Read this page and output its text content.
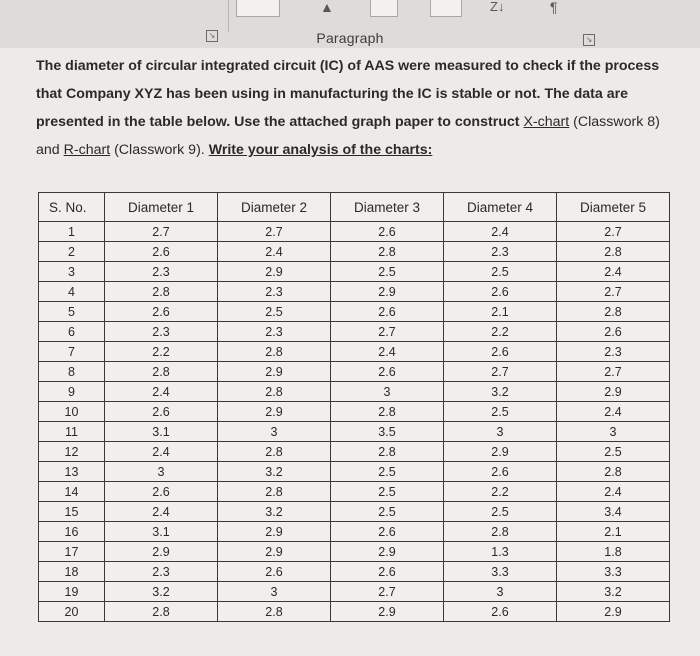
▲	Z↓	¶
↘	Paragraph	↘
The diameter of circular integrated circuit (IC) of AAS were measured to check if the process that Company XYZ has been using in manufacturing the IC is stable or not. The data are presented in the table below. Use the attached graph paper to construct X-chart (Classwork 8) and R-chart (Classwork 9). Write your analysis of the charts:
S. No.	Diameter 1	Diameter 2	Diameter 3	Diameter 4	Diameter 5
1	2.7	2.7	2.6	2.4	2.7
2	2.6	2.4	2.8	2.3	2.8
3	2.3	2.9	2.5	2.5	2.4
4	2.8	2.3	2.9	2.6	2.7
5	2.6	2.5	2.6	2.1	2.8
6	2.3	2.3	2.7	2.2	2.6
7	2.2	2.8	2.4	2.6	2.3
8	2.8	2.9	2.6	2.7	2.7
9	2.4	2.8	3	3.2	2.9
10	2.6	2.9	2.8	2.5	2.4
11	3.1	3	3.5	3	3
12	2.4	2.8	2.8	2.9	2.5
13	3	3.2	2.5	2.6	2.8
14	2.6	2.8	2.5	2.2	2.4
15	2.4	3.2	2.5	2.5	3.4
16	3.1	2.9	2.6	2.8	2.1
17	2.9	2.9	2.9	1.3	1.8
18	2.3	2.6	2.6	3.3	3.3
19	3.2	3	2.7	3	3.2
20	2.8	2.8	2.9	2.6	2.9
